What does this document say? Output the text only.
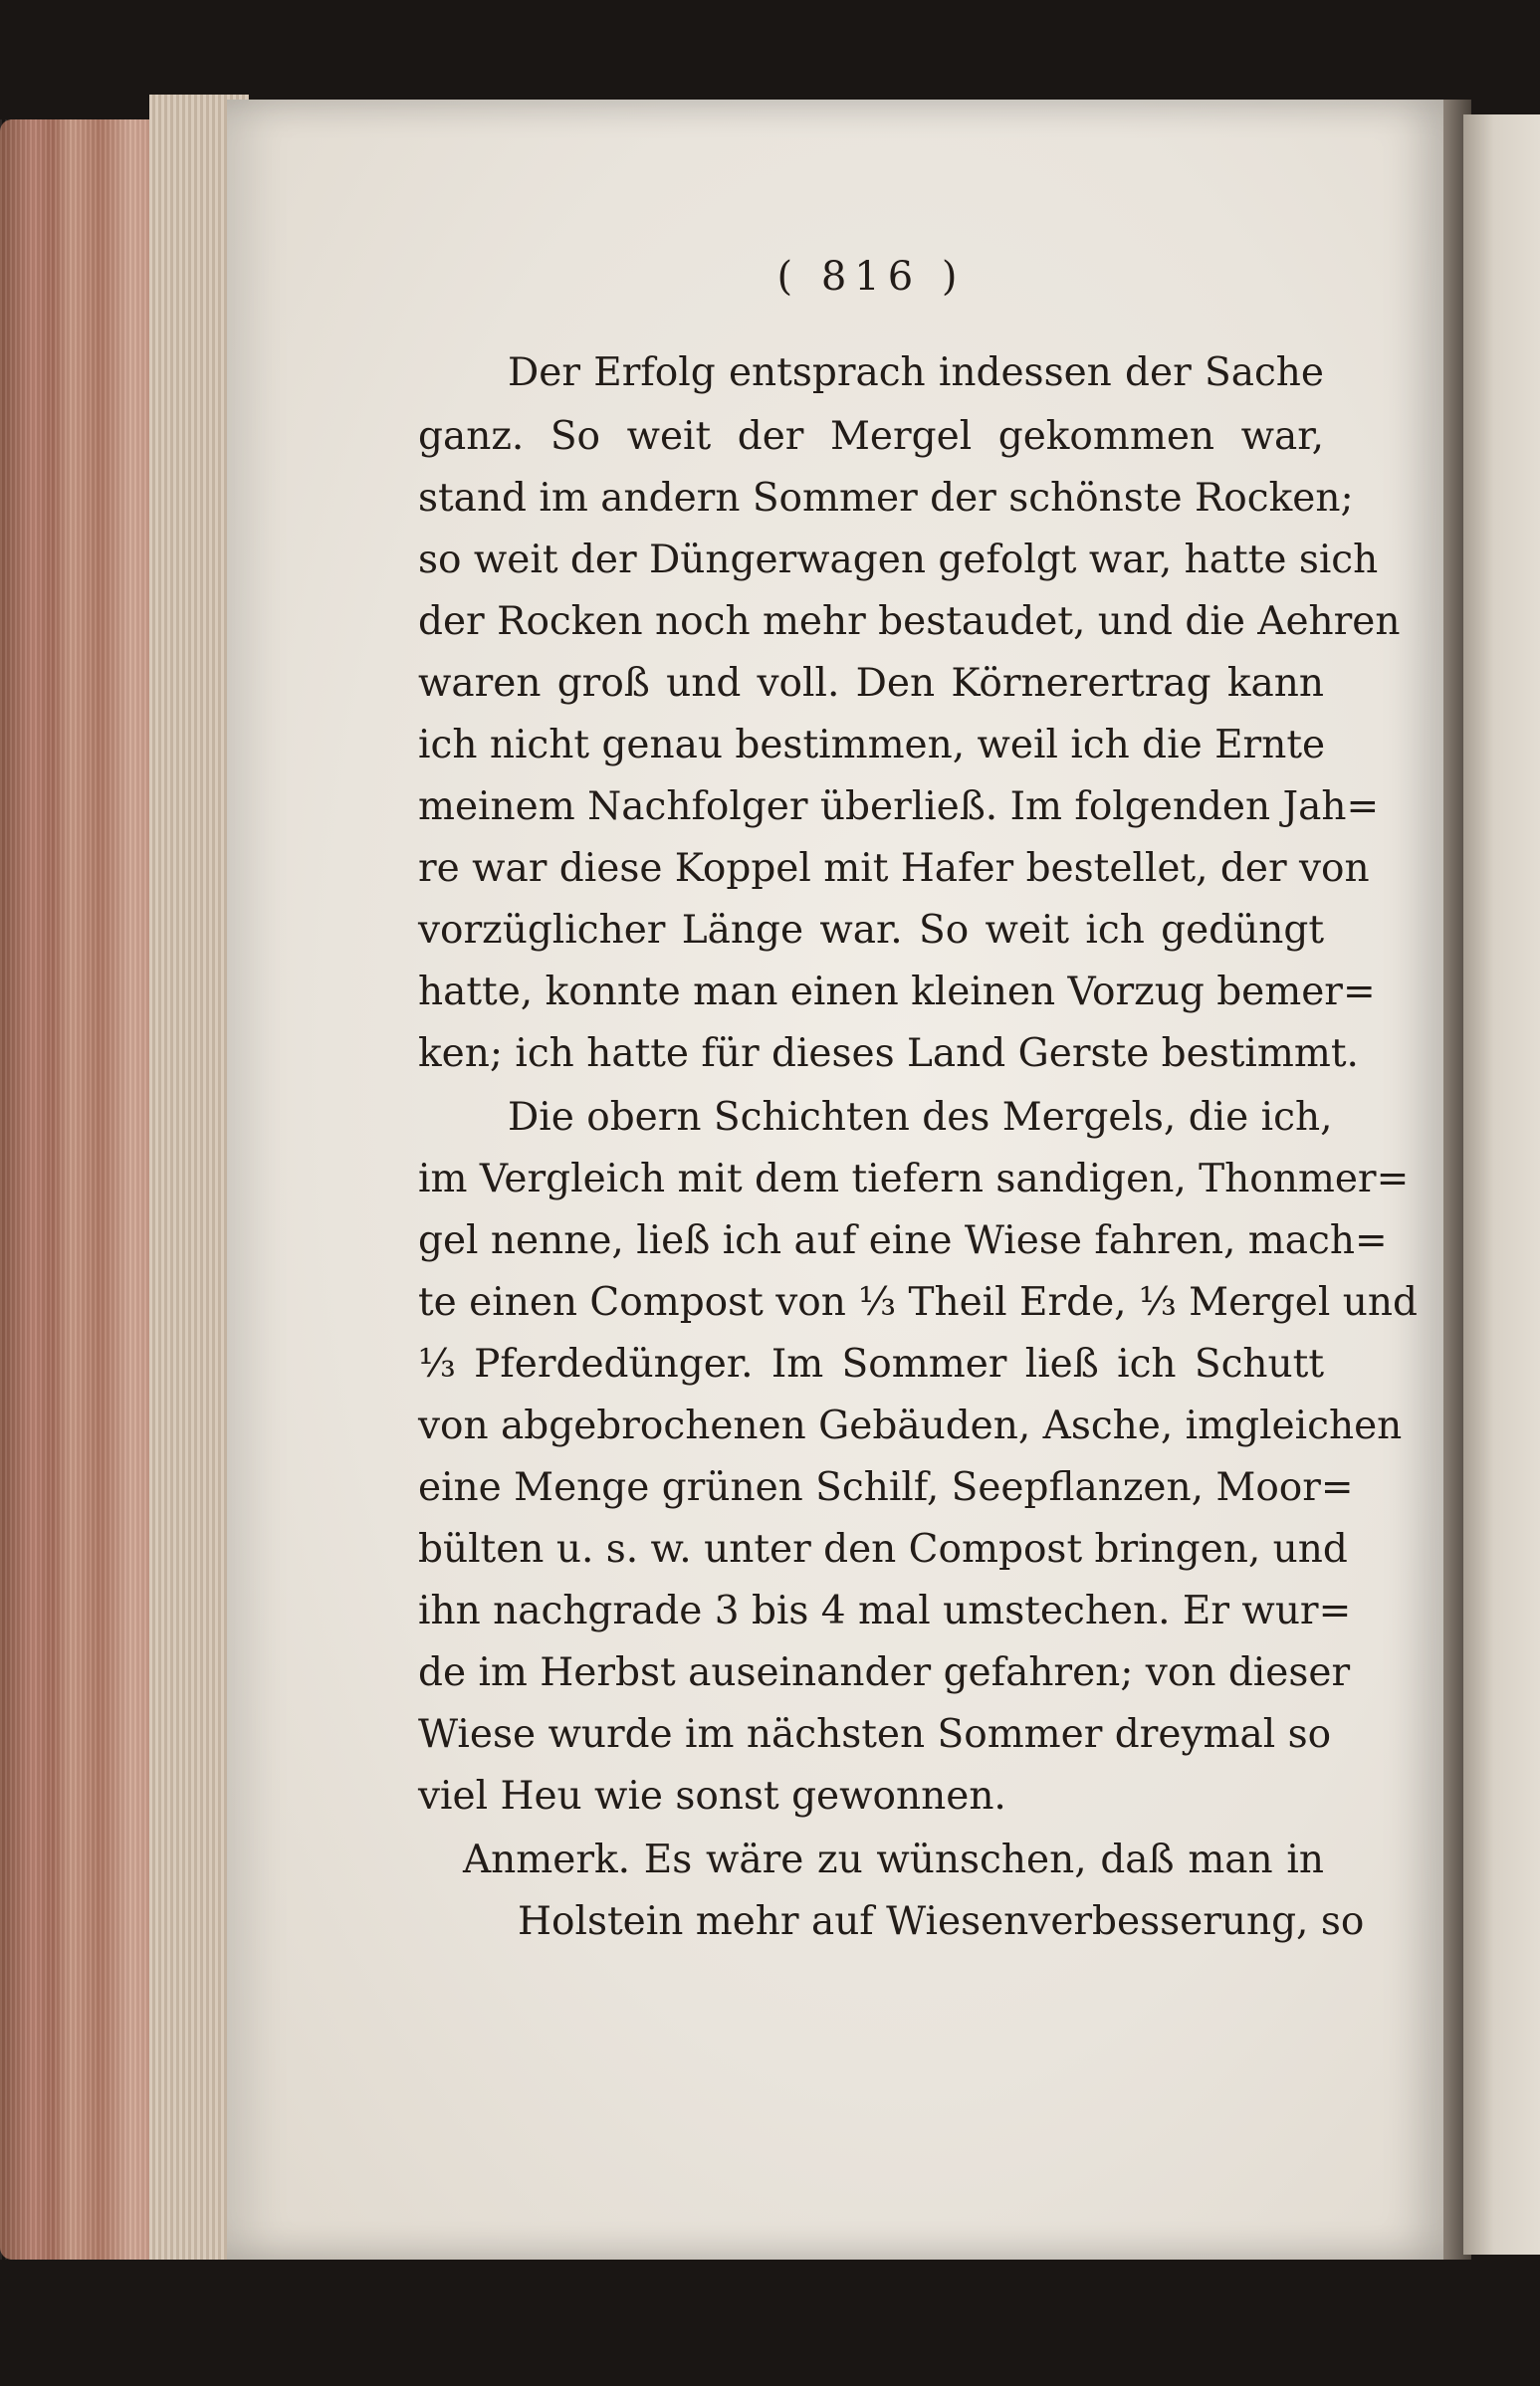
( 816 )
Der Erfolg entsprach indessen der Sache
ganz. So weit der Mergel gekommen war,
stand im andern Sommer der schönste Rocken;
so weit der Düngerwagen gefolgt war, hatte sich
der Rocken noch mehr bestaudet, und die Aehren
waren groß und voll. Den Körnerertrag kann
ich nicht genau bestimmen, weil ich die Ernte
meinem Nachfolger überließ. Im folgenden Jah=
re war diese Koppel mit Hafer bestellet, der von
vorzüglicher Länge war. So weit ich gedüngt
hatte, konnte man einen kleinen Vorzug bemer=
ken; ich hatte für dieses Land Gerste bestimmt.
Die obern Schichten des Mergels, die ich,
im Vergleich mit dem tiefern sandigen, Thonmer=
gel nenne, ließ ich auf eine Wiese fahren, mach=
te einen Compost von ⅓ Theil Erde, ⅓ Mergel und
⅓ Pferdedünger. Im Sommer ließ ich Schutt
von abgebrochenen Gebäuden, Asche, imgleichen
eine Menge grünen Schilf, Seepflanzen, Moor=
bülten u. s. w. unter den Compost bringen, und
ihn nachgrade 3 bis 4 mal umstechen. Er wur=
de im Herbst auseinander gefahren; von dieser
Wiese wurde im nächsten Sommer dreymal so
viel Heu wie sonst gewonnen.
Anmerk. Es wäre zu wünschen, daß man in
Holstein mehr auf Wiesenverbesserung, so
